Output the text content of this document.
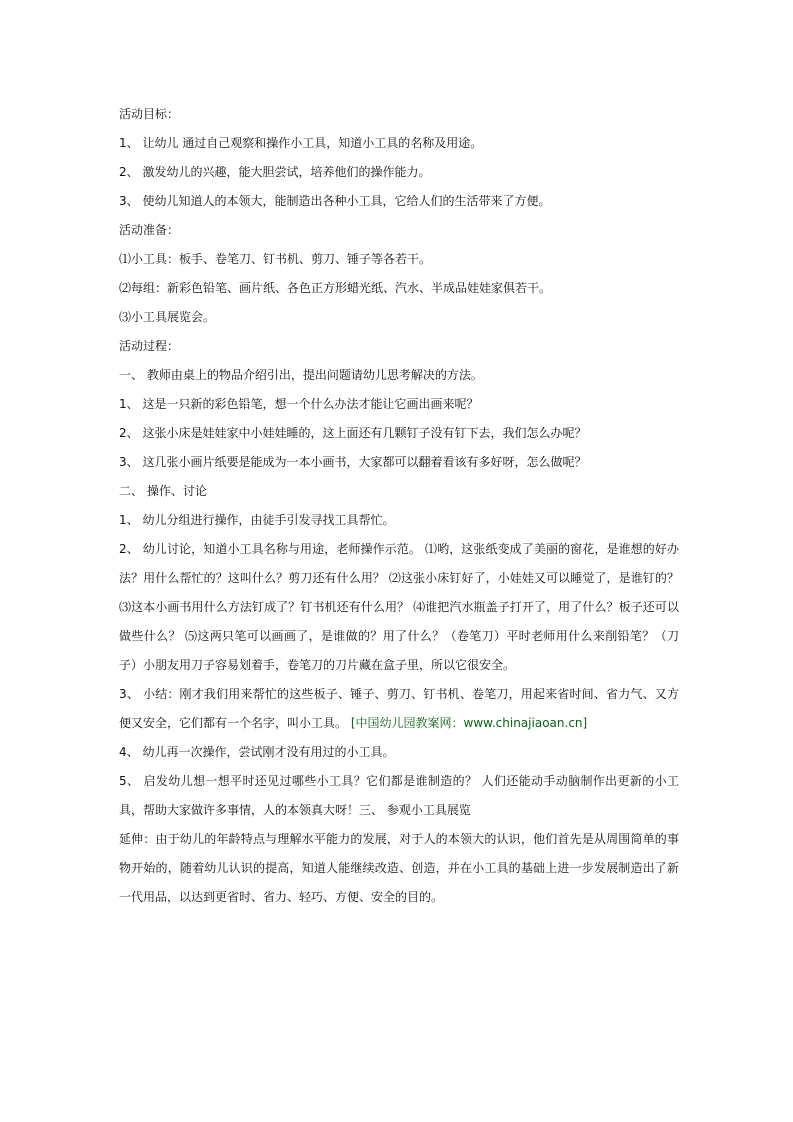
活动目标：
1、 让幼儿 通过自己观察和操作小工具，知道小工具的名称及用途。
2、 激发幼儿的兴趣，能大胆尝试，培养他们的操作能力。
3、 使幼儿知道人的本领大，能制造出各种小工具，它给人们的生活带来了方便。
活动准备：
⑴小工具：板手、卷笔刀、钉书机、剪刀、锤子等各若干。
⑵每组：新彩色铅笔、画片纸、各色正方形蜡光纸、汽水、半成品娃娃家俱若干。
⑶小工具展览会。
活动过程：
一、 教师由桌上的物品介绍引出，提出问题请幼儿思考解决的方法。
1、 这是一只新的彩色铅笔，想一个什么办法才能让它画出画来呢？
2、 这张小床是娃娃家中小娃娃睡的，这上面还有几颗钉子没有钉下去，我们怎么办呢？
3、 这几张小画片纸要是能成为一本小画书，大家都可以翻着看该有多好呀，怎么做呢？
二、 操作、讨论
1、 幼儿分组进行操作，由徒手引发寻找工具帮忙。
2、 幼儿讨论，知道小工具名称与用途，老师操作示范。 ⑴哟，这张纸变成了美丽的窗花，是谁想的好办法？用什么帮忙的？这叫什么？剪刀还有什么用？ ⑵这张小床钉好了，小娃娃又可以睡觉了，是谁钉的？ ⑶这本小画书用什么方法钉成了？钉书机还有什么用？ ⑷谁把汽水瓶盖子打开了，用了什么？板子还可以做些什么？ ⑸这两只笔可以画画了，是谁做的？用了什么？（卷笔刀）平时老师用什么来削铅笔？（刀子）小朋友用刀子容易划着手，卷笔刀的刀片藏在盒子里，所以它很安全。
3、 小结：刚才我们用来帮忙的这些板子、锤子、剪刀、钉书机、卷笔刀，用起来省时间、省力气、又方便又安全，它们都有一个名字，叫小工具。 [中国幼儿园教案网：www.chinajiaoan.cn]
4、 幼儿再一次操作，尝试刚才没有用过的小工具。
5、 启发幼儿想一想平时还见过哪些小工具？它们都是谁制造的？ 人们还能动手动脑制作出更新的小工具，帮助大家做许多事情，人的本领真大呀！三、 参观小工具展览
延伸：由于幼儿的年龄特点与理解水平能力的发展，对于人的本领大的认识，他们首先是从周围简单的事物开始的，随着幼儿认识的提高，知道人能继续改造、创造，并在小工具的基础上进一步发展制造出了新一代用品，以达到更省时、省力、轻巧、方便、安全的目的。
